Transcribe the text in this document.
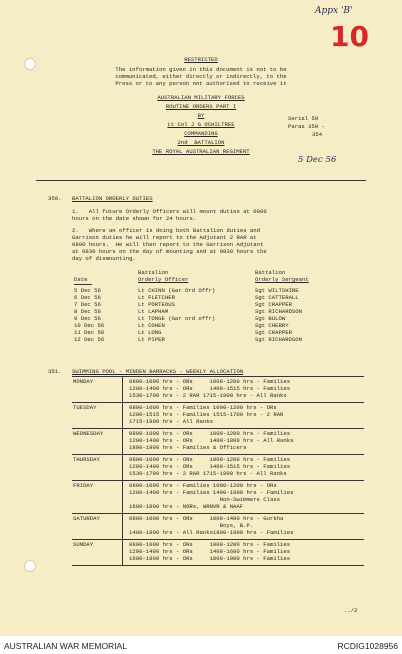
Appx 'B'
10
RESTRICTED
The information given in this document is not to be
communicated, either directly or indirectly, to the
Press or to any person not authorised to receive it
AUSTRALIAN MILITARY FORCES
ROUTINE ORDERS PART I
BY
Lt Col J G OCHILTREE
COMMANDING
2nd  BATTALION
THE ROYAL AUSTRALIAN REGIMENT
Serial 59
Paras 350 -
354
5 Dec 56
350. BATTALION ORDERLY DUTIES
1.   All future Orderly Officers will mount duties at 0800
hours on the date shown for 24 hours.
2.   Where an officer is doing both Battalion duties and
Garrison duties he will report to the Adjutant 2 RAR at
0800 hours.  He will then report to the Garrison Adjutant
at 0830 hours on the day of mounting and at 0830 hours the
day of dismounting.
Battalion	Battalion
Date	Orderly Officer	Orderly Sergeant
5 Dec 56	Lt CHINN (Gar Ord Offr)	Sgt WILTSHIRE
6 Dec 56	Lt FLETCHER	Sgt CATTERALL
7 Dec 56	Lt PORTEOUS	Sgt CRAPPER
8 Dec 56	Lt LAPHAM	Sgt RICHARDSON
9 Dec 56	Lt TONGE (Gar ord offr)	Sgt BULOW
10 Dec 56	Lt COHEN	Sgt CHERRY
11 Dec 56	Lt LONG	Sgt CRAPPER
12 Dec 56	Lt PIPER	Sgt RICHARDSON
351. SWIMMING POOL - MINDEN BARRACKS - WEEKLY ALLOCATION
MONDAY	0800-1000 hrs - ORs     1000-1200 hrs - Families
1200-1400 hrs - ORs     1400-1515 hrs - Families
1530-1700 hrs - 2 RAR 1715-1900 hrs - All Ranks
TUESDAY	0800-1000 hrs - Families 1000-1200 hrs - ORs
1200-1515 hrs - Families 1515-1700 hrs - 2 RAR
1715-1900 hrs - All Ranks
WEDNESDAY	0800-1000 hrs - ORs     1000-1200 hrs - Families
1200-1400 hrs - ORs     1400-1800 hrs - All Ranks
1800-1900 hrs - Families & Officers
THURSDAY	0800-1000 hrs - ORs     1000-1200 hrs - Families
1200-1400 hrs - ORs     1400-1515 hrs - Families
1530-1700 hrs - 2 RAR 1715-1900 hrs - All Ranks
FRIDAY	0800-1000 hrs - Families 1000-1200 hrs - ORs
1200-1400 hrs - Families 1400-1600 hrs - Families
Non-Swimmers Class
1600-1800 hrs - NORs, WRNVR & NAAF
SATURDAY	0800-1000 hrs - ORs     1000-1400 hrs - Gurkha
Boys, B.P.
1400-1800 hrs - All Ranks1800-1900 hrs - Families
SUNDAY	0800-1000 hrs - ORs     1000-1200 hrs - Families
1200-1400 hrs - ORs     1400-1600 hrs - Families
1600-1800 hrs - ORs     1800-1900 hrs - Families
../2
AUSTRALIAN WAR MEMORIAL	RCDIG1028956
